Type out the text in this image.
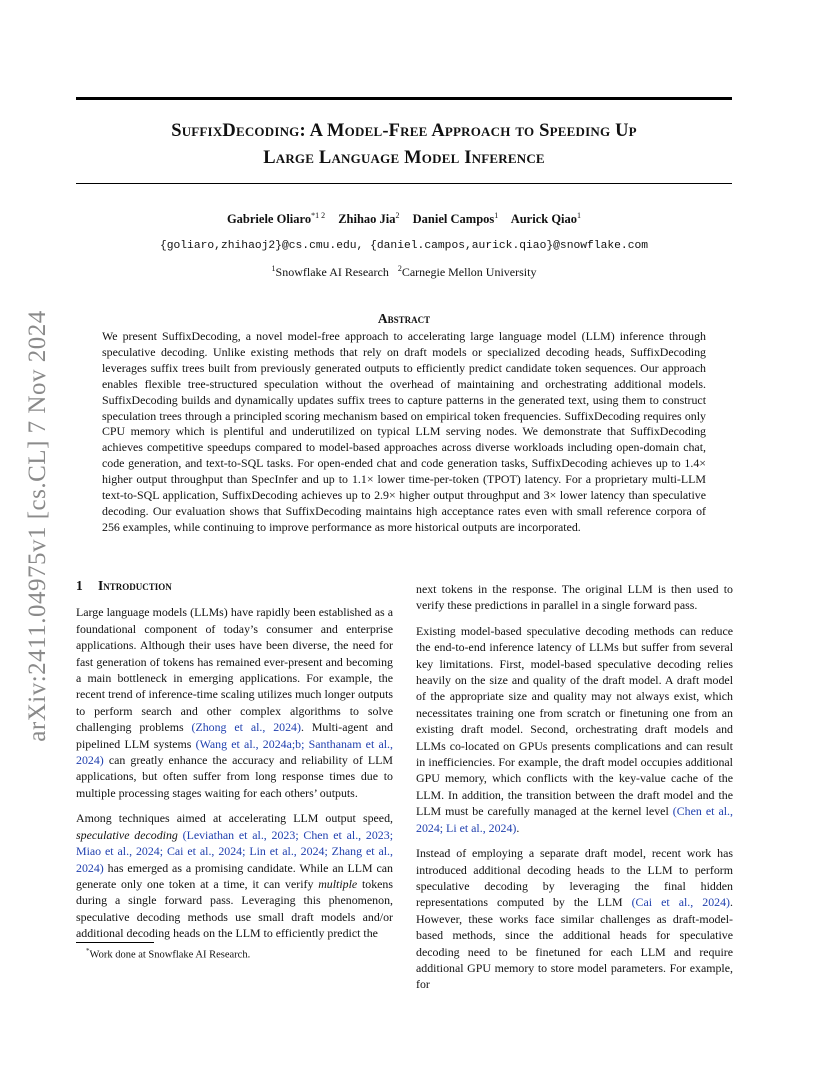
arXiv:2411.04975v1 [cs.CL] 7 Nov 2024
SuffixDecoding: A Model-Free Approach to Speeding Up
Large Language Model Inference
Gabriele Oliaro$^{*1 2}$ Zhihao Jia$^2$ Daniel Campos$^1$ Aurick Qiao$^1$
{goliaro,zhihaoj2}@cs.cmu.edu, {daniel.campos,aurick.qiao}@snowflake.com
$^1$Snowflake AI Research $^2$Carnegie Mellon University
Abstract

We present SuffixDecoding, a novel model-free approach to accelerating large language model (LLM) inference through speculative decoding. Unlike existing methods that rely on draft models or specialized decoding heads, SuffixDecoding leverages suffix trees built from previously generated outputs to efficiently predict candidate token sequences. Our approach enables flexible tree-structured speculation without the overhead of maintaining and orchestrating additional models. SuffixDecoding builds and dynamically updates suffix trees to capture patterns in the generated text, using them to construct speculation trees through a principled scoring mechanism based on empirical token frequencies. SuffixDecoding requires only CPU memory which is plentiful and underutilized on typical LLM serving nodes. We demonstrate that SuffixDecoding achieves competitive speedups compared to model-based approaches across diverse workloads including open-domain chat, code generation, and text-to-SQL tasks. For open-ended chat and code generation tasks, SuffixDecoding achieves up to 1.4× higher output throughput than SpecInfer and up to 1.1× lower time-per-token (TPOT) latency. For a proprietary multi-LLM text-to-SQL application, SuffixDecoding achieves up to 2.9× higher output throughput and 3× lower latency than speculative decoding. Our evaluation shows that SuffixDecoding maintains high acceptance rates even with small reference corpora of 256 examples, while continuing to improve performance as more historical outputs are incorporated.

1 Introduction

Large language models (LLMs) have rapidly been established as a foundational component of today’s consumer and enterprise applications. Although their uses have been diverse, the need for fast generation of tokens has remained ever-present and becoming a main bottleneck in emerging applications. For example, the recent trend of inference-time scaling utilizes much longer outputs to perform search and other complex algorithms to solve challenging problems (Zhong et al., 2024). Multi-agent and pipelined LLM systems (Wang et al., 2024a;b; Santhanam et al., 2024) can greatly enhance the accuracy and reliability of LLM applications, but often suffer from long response times due to multiple processing stages waiting for each others’ outputs.

Among techniques aimed at accelerating LLM output speed, speculative decoding (Leviathan et al., 2023; Chen et al., 2023; Miao et al., 2024; Cai et al., 2024; Lin et al., 2024; Zhang et al., 2024) has emerged as a promising candidate. While an LLM can generate only one token at a time, it can verify multiple tokens during a single forward pass. Leveraging this phenomenon, speculative decoding methods use small draft models and/or additional decoding heads on the LLM to efficiently predict the

next tokens in the response. The original LLM is then used to verify these predictions in parallel in a single forward pass.

Existing model-based speculative decoding methods can reduce the end-to-end inference latency of LLMs but suffer from several key limitations. First, model-based speculative decoding relies heavily on the size and quality of the draft model. A draft model of the appropriate size and quality may not always exist, which necessitates training one from scratch or finetuning one from an existing draft model. Second, orchestrating draft models and LLMs co-located on GPUs presents complications and can result in inefficiencies. For example, the draft model occupies additional GPU memory, which conflicts with the key-value cache of the LLM. In addition, the transition between the draft model and the LLM must be carefully managed at the kernel level (Chen et al., 2024; Li et al., 2024).

Instead of employing a separate draft model, recent work has introduced additional decoding heads to the LLM to perform speculative decoding by leveraging the final hidden representations computed by the LLM (Cai et al., 2024). However, these works face similar challenges as draft-model-based methods, since the additional heads for speculative decoding need to be finetuned for each LLM and require additional GPU memory to store model parameters. For example, for

*Work done at Snowflake AI Research.
